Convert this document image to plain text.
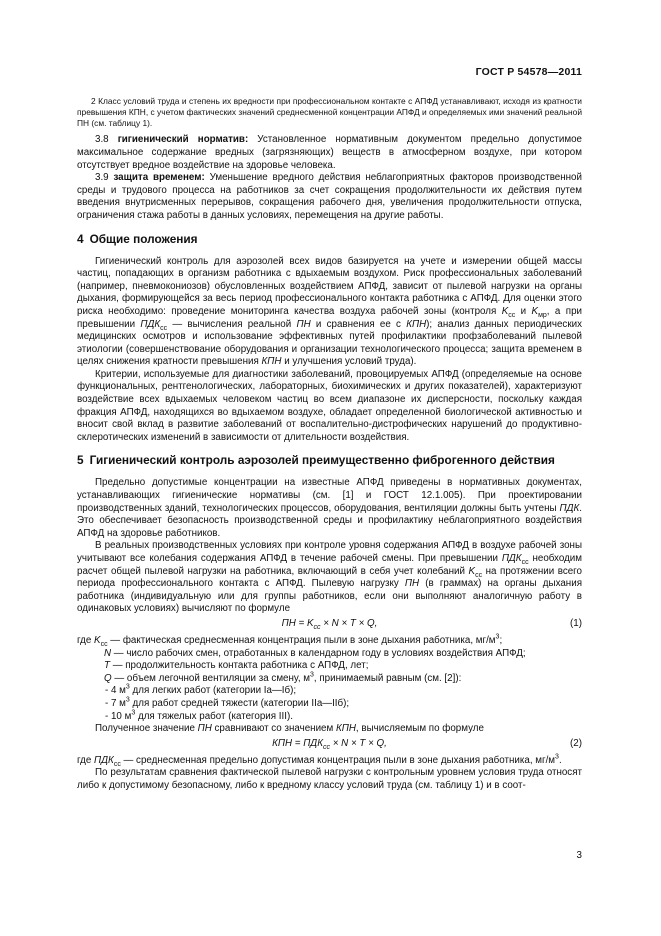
ГОСТ Р 54578—2011

2 Класс условий труда и степень их вредности при профессиональном контакте с АПФД устанавливают, исходя из кратности превышения КПН, с учетом фактических значений среднесменной концентрации АПФД и определяемых ими значений реальной ПН (см. таблицу 1).

3.8 гигиенический норматив: Установленное нормативным документом предельно допустимое максимальное содержание вредных (загрязняющих) веществ в атмосферном воздухе, при котором отсутствует вредное воздействие на здоровье человека.

3.9 защита временем: Уменьшение вредного действия неблагоприятных факторов производственной среды и трудового процесса на работников за счет сокращения продолжительности их действия путем введения внутрисменных перерывов, сокращения рабочего дня, увеличения продолжительности отпуска, ограничения стажа работы в данных условиях, перемещения на другие работы.

4 Общие положения

Гигиенический контроль для аэрозолей всех видов базируется на учете и измерении общей массы частиц, попадающих в организм работника с вдыхаемым воздухом. Риск профессиональных заболеваний (например, пневмокониозов) обусловленных воздействием АПФД, зависит от пылевой нагрузки на органы дыхания, формирующейся за весь период профессионального контакта работника с АПФД. Для оценки этого риска необходимо: проведение мониторинга качества воздуха рабочей зоны (контроля $K_{сс}$ и $K_{мр}$, а при превышении $ПДК_{сс}$ — вычисления реальной ПН и сравнения ее с КПН); анализ данных периодических медицинских осмотров и использование эффективных путей профилактики профзаболеваний пылевой этиологии (совершенствование оборудования и организации технологического процесса; защита временем в целях снижения кратности превышения КПН и улучшения условий труда).

Критерии, используемые для диагностики заболеваний, провоцируемых АПФД (определяемые на основе функциональных, рентгенологических, лабораторных, биохимических и других показателей), характеризуют воздействие всех вдыхаемых человеком частиц во всем диапазоне их дисперсности, поскольку каждая фракция АПФД, находящихся во вдыхаемом воздухе, обладает определенной биологической активностью и вносит свой вклад в развитие заболеваний от воспалительно-дистрофических нарушений до продуктивно-склеротических изменений в зависимости от длительности воздействия.

5 Гигиенический контроль аэрозолей преимущественно фиброгенного действия

Предельно допустимые концентрации на известные АПФД приведены в нормативных документах, устанавливающих гигиенические нормативы (см. [1] и ГОСТ 12.1.005). При проектировании производственных зданий, технологических процессов, оборудования, вентиляции должны быть учтены ПДК. Это обеспечивает безопасность производственной среды и профилактику неблагоприятного воздействия АПФД на здоровье работников.

В реальных производственных условиях при контроле уровня содержания АПФД в воздухе рабочей зоны учитывают все колебания содержания АПФД в течение рабочей смены. При превышении $ПДК_{сс}$ необходим расчет общей пылевой нагрузки на работника, включающий в себя учет колебаний $K_{сс}$ на протяжении всего периода профессионального контакта с АПФД. Пылевую нагрузку ПН (в граммах) на органы дыхания работника (индивидуальную или для группы работников, если они выполняют аналогичную работу в одинаковых условиях) вычисляют по формуле

ПН = $K_{сс} \times N \times T \times Q$,	(1)

где $K_{сс}$ — фактическая среднесменная концентрация пыли в зоне дыхания работника, $мг/м^3$;

N — число рабочих смен, отработанных в календарном году в условиях воздействия АПФД;
T — продолжительность контакта работника с АПФД, лет;
Q — объем легочной вентиляции за смену, $м^3$, принимаемый равным (см. [2]):
- 4 $м^3$ для легких работ (категории Iа—Iб);
- 7 $м^3$ для работ средней тяжести (категории IIа—IIб);
- 10 $м^3$ для тяжелых работ (категория III).

Полученное значение ПН сравнивают со значением КПН, вычисляемым по формуле

КПН = $ПДК_{сс} \times N \times T \times Q$,	(2)

где $ПДК_{сс}$ — среднесменная предельно допустимая концентрация пыли в зоне дыхания работника, $мг/м^3$.

По результатам сравнения фактической пылевой нагрузки с контрольным уровнем условия труда относят либо к допустимому безопасному, либо к вредному классу условий труда (см. таблицу 1) и в соот-

3
